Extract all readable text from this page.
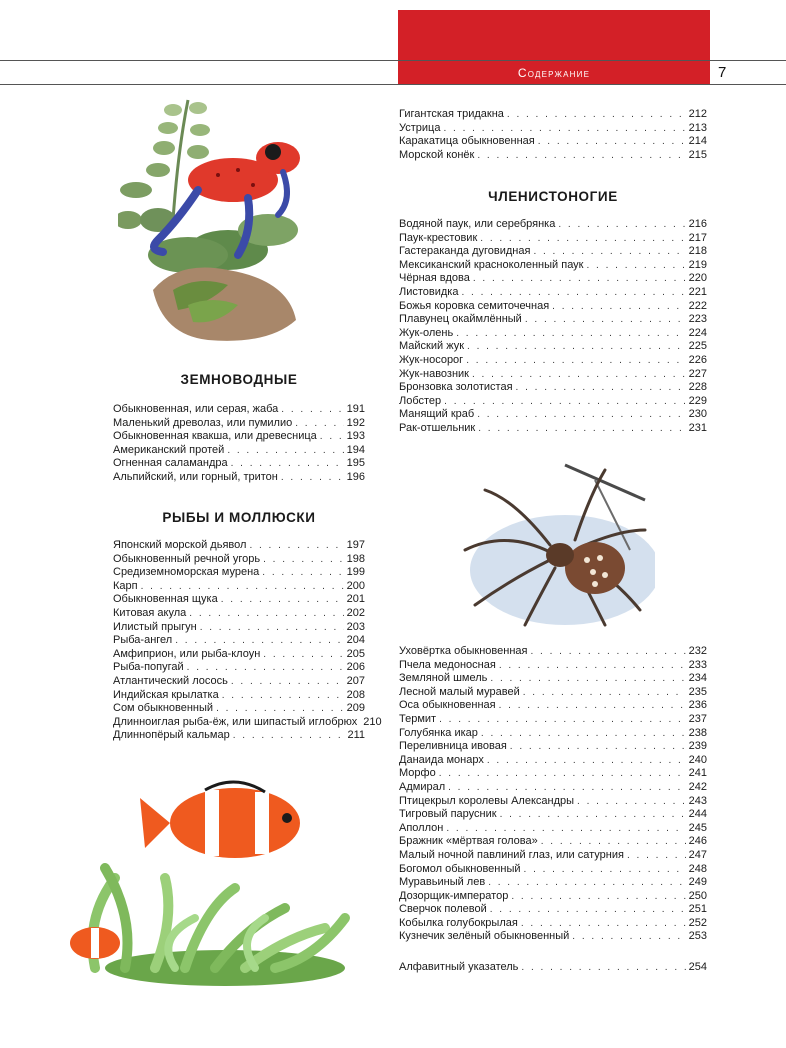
Содержание	7
ЗЕМНОВОДНЫЕ
Обыкновенная, или серая, жаба . . .	191
Маленький древолаз, или пумилио . . .	192
Обыкновенная квакша, или древесница . . .	193
Американский протей . . .	194
Огненная саламандра . . .	195
Альпийский, или горный, тритон . . .	196
РЫБЫ И МОЛЛЮСКИ
Японский морской дьявол . . .	197
Обыкновенный речной угорь . . .	198
Средиземноморская мурена . . .	199
Карп . . .	200
Обыкновенная щука . . .	201
Китовая акула . . .	202
Илистый прыгун . . .	203
Рыба-ангел . . .	204
Амфиприон, или рыба-клоун . . .	205
Рыба-попугай . . .	206
Атлантический лосось . . .	207
Индийская крылатка . . .	208
Сом обыкновенный . . .	209
Длинноиглая рыба-ёж, или шипастый иглобрюх 210
Длиннопёрый кальмар . . .	211
Гигантская тридакна . . .	212
Устрица . . .	213
Каракатица обыкновенная . . .	214
Морской конёк . . .	215
ЧЛЕНИСТОНОГИЕ
Водяной паук, или серебрянка . . .	216
Паук-крестовик . . .	217
Гастеракандa дуговидная . . .	218
Мексиканский красноколенный паук . . .	219
Чёрная вдова . . .	220
Листовидка . . .	221
Божья коровка семиточечная . . .	222
Плавунец окаймлённый . . .	223
Жук-олень . . .	224
Майский жук . . .	225
Жук-носорог . . .	226
Жук-навозник . . .	227
Бронзовка золотистая . . .	228
Лобстер . . .	229
Манящий краб . . .	230
Рак-отшельник . . .	231
Уховёртка обыкновенная . . .	232
Пчела медоносная . . .	233
Земляной шмель . . .	234
Лесной малый муравей . . .	235
Оса обыкновенная . . .	236
Термит . . .	237
Голубянка икар . . .	238
Переливница ивовая . . .	239
Данаида монарх . . .	240
Морфо . . .	241
Адмирал . . .	242
Птицекрыл королевы Александры . . .	243
Тигровый парусник . . .	244
Аполлон . . .	245
Бражник «мёртвая голова» . . .	246
Малый ночной павлиний глаз, или сатурния . . .	247
Богомол обыкновенный . . .	248
Муравьиный лев . . .	249
Дозорщик-император . . .	250
Сверчок полевой . . .	251
Кобылка голубокрылая . . .	252
Кузнечик зелёный обыкновенный . . .	253
Алфавитный указатель . . .	254
